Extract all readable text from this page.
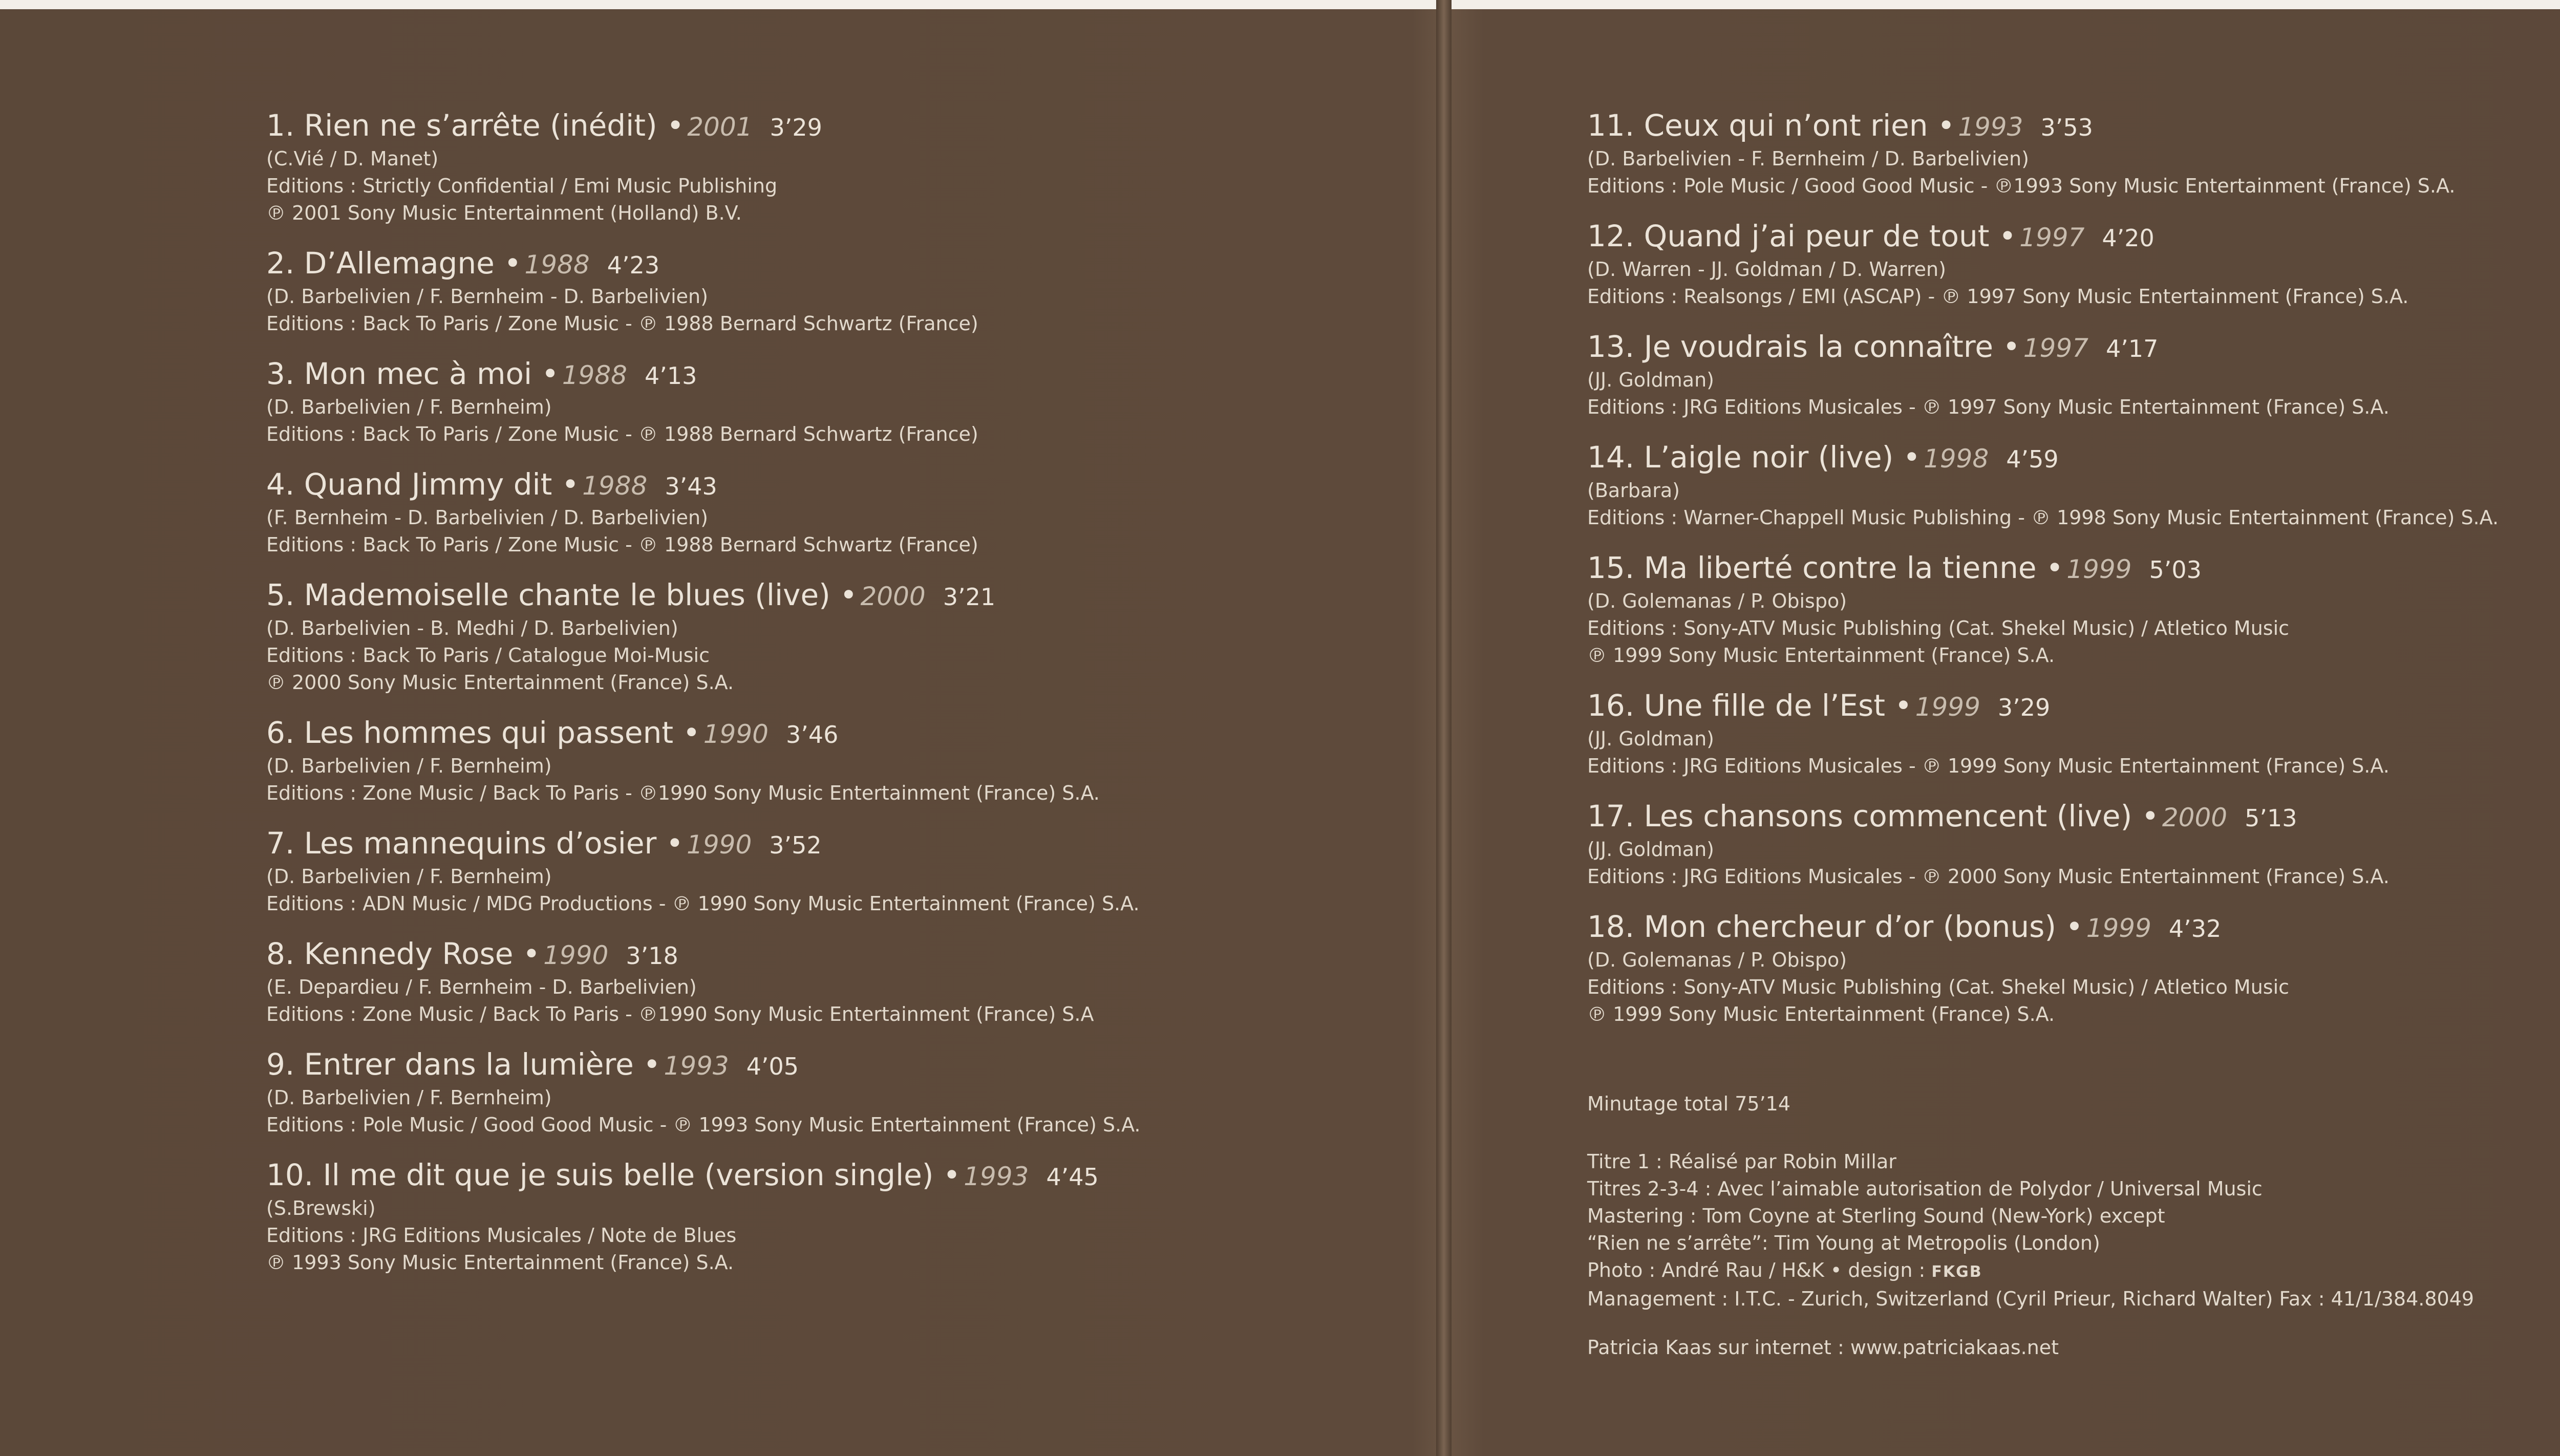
1. Rien ne s’arrête (inédit) • 2001 3’29
(C.Vié / D. Manet)
Editions : Strictly Confidential / Emi Music Publishing
℗ 2001 Sony Music Entertainment (Holland) B.V.
2. D’Allemagne • 1988 4’23
(D. Barbelivien / F. Bernheim - D. Barbelivien)
Editions : Back To Paris / Zone Music - ℗ 1988 Bernard Schwartz (France)
3. Mon mec à moi • 1988 4’13
(D. Barbelivien / F. Bernheim)
Editions : Back To Paris / Zone Music - ℗ 1988 Bernard Schwartz (France)
4. Quand Jimmy dit • 1988 3’43
(F. Bernheim - D. Barbelivien / D. Barbelivien)
Editions : Back To Paris / Zone Music - ℗ 1988 Bernard Schwartz (France)
5. Mademoiselle chante le blues (live) • 2000 3’21
(D. Barbelivien - B. Medhi / D. Barbelivien)
Editions : Back To Paris / Catalogue Moi-Music
℗ 2000 Sony Music Entertainment (France) S.A.
6. Les hommes qui passent • 1990 3’46
(D. Barbelivien / F. Bernheim)
Editions : Zone Music / Back To Paris - ℗1990 Sony Music Entertainment (France) S.A.
7. Les mannequins d’osier • 1990 3’52
(D. Barbelivien / F. Bernheim)
Editions : ADN Music / MDG Productions - ℗ 1990 Sony Music Entertainment (France) S.A.
8. Kennedy Rose • 1990 3’18
(E. Depardieu / F. Bernheim - D. Barbelivien)
Editions : Zone Music / Back To Paris - ℗1990 Sony Music Entertainment (France) S.A
9. Entrer dans la lumière • 1993 4’05
(D. Barbelivien / F. Bernheim)
Editions : Pole Music / Good Good Music - ℗ 1993 Sony Music Entertainment (France) S.A.
10. Il me dit que je suis belle (version single) • 1993 4’45
(S.Brewski)
Editions : JRG Editions Musicales / Note de Blues
℗ 1993 Sony Music Entertainment (France) S.A.
11. Ceux qui n’ont rien • 1993 3’53
(D. Barbelivien - F. Bernheim / D. Barbelivien)
Editions : Pole Music / Good Good Music - ℗1993 Sony Music Entertainment (France) S.A.
12. Quand j’ai peur de tout • 1997 4’20
(D. Warren - JJ. Goldman / D. Warren)
Editions : Realsongs / EMI (ASCAP) - ℗ 1997 Sony Music Entertainment (France) S.A.
13. Je voudrais la connaître • 1997 4’17
(JJ. Goldman)
Editions : JRG Editions Musicales - ℗ 1997 Sony Music Entertainment (France) S.A.
14. L’aigle noir (live) • 1998 4’59
(Barbara)
Editions : Warner-Chappell Music Publishing - ℗ 1998 Sony Music Entertainment (France) S.A.
15. Ma liberté contre la tienne • 1999 5’03
(D. Golemanas / P. Obispo)
Editions : Sony-ATV Music Publishing (Cat. Shekel Music) / Atletico Music
℗ 1999 Sony Music Entertainment (France) S.A.
16. Une fille de l’Est • 1999 3’29
(JJ. Goldman)
Editions : JRG Editions Musicales - ℗ 1999 Sony Music Entertainment (France) S.A.
17. Les chansons commencent (live) • 2000 5’13
(JJ. Goldman)
Editions : JRG Editions Musicales - ℗ 2000 Sony Music Entertainment (France) S.A.
18. Mon chercheur d’or (bonus) • 1999 4’32
(D. Golemanas / P. Obispo)
Editions : Sony-ATV Music Publishing (Cat. Shekel Music) / Atletico Music
℗ 1999 Sony Music Entertainment (France) S.A.
Minutage total 75’14
Titre 1 : Réalisé par Robin Millar
Titres 2-3-4 : Avec l’aimable autorisation de Polydor / Universal Music
Mastering : Tom Coyne at Sterling Sound (New-York) except
“Rien ne s’arrête”: Tim Young at Metropolis (London)
Photo : André Rau / H&K • design : FKGB
Management : I.T.C. - Zurich, Switzerland (Cyril Prieur, Richard Walter) Fax : 41/1/384.8049
Patricia Kaas sur internet : www.patriciakaas.net
